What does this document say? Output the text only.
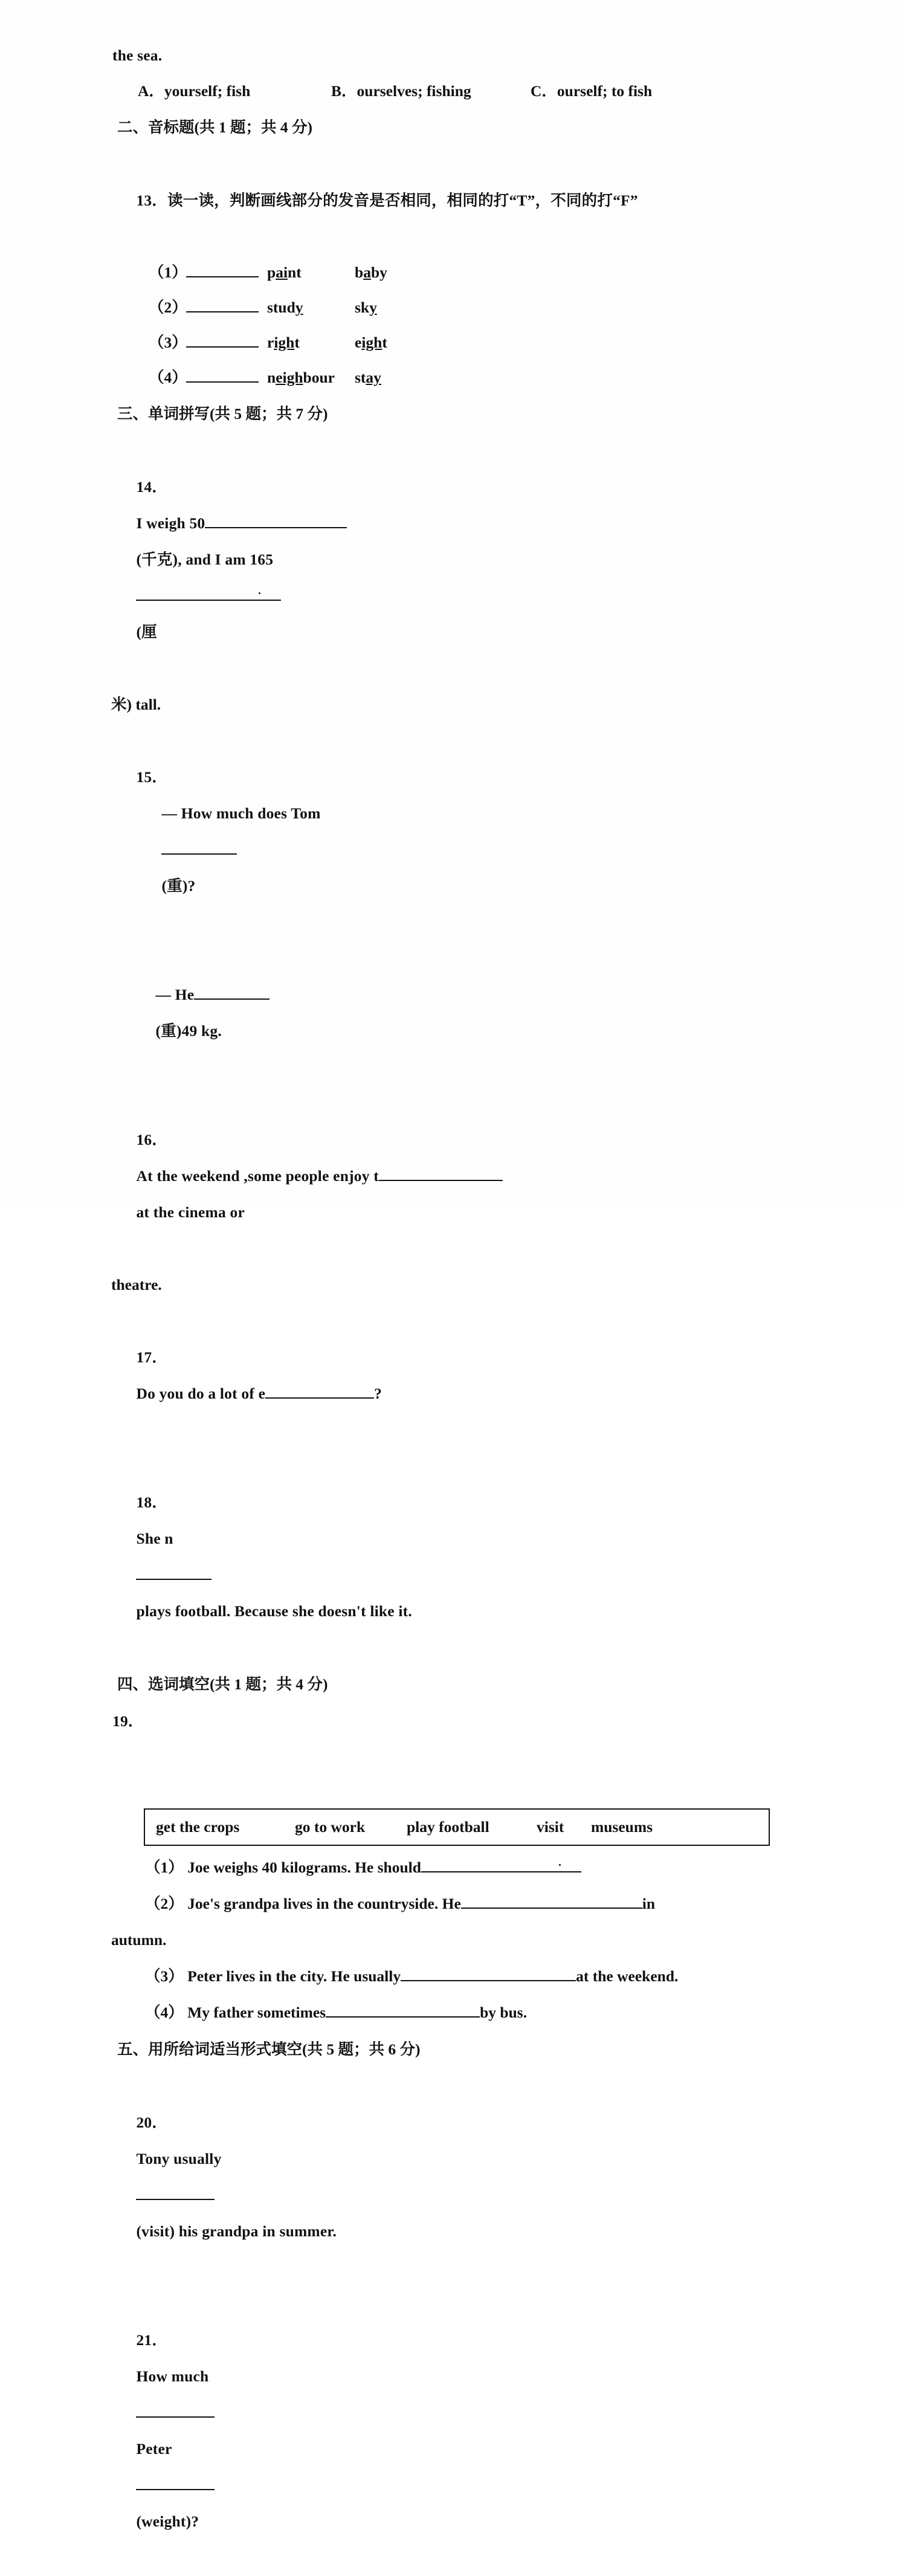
the sea.
A．yourself; fish	B．ourselves; fishing	C．ourself; to fish
二、音标题(共 1 题；共 4 分)

13．读一读，判断画线部分的发音是否相同，相同的打“T”，不同的打“F”

（1）	paint	baby
（2）	study	sky
（3）	right	eight
（4）	neighbour	stay
三、单词拼写(共 5 题；共 7 分)

14．
I weigh 50
(千克), and I am 165

(厘

米) tall.

15．
— How much does Tom

(重)?

— He
(重)49 kg.

16．
At the weekend ,some people enjoy t
at the cinema or

theatre.

17．
Do you do a lot of e	?

18．
She n

plays football. Because she doesn't like it.

四、选词填空(共 1 题；共 4 分)
19．
get the crops	go to work	play football	visit	museums
（1） Joe weighs 40 kilograms. He should
（2） Joe's grandpa lives in the countryside. He	in
autumn.
（3） Peter lives in the city. He usually	at the weekend.
（4） My father sometimes	by bus.
五、用所给词适当形式填空(共 5 题；共 6 分)

20．
Tony usually

(visit) his grandpa in summer.

21．
How much

Peter

(weight)?
